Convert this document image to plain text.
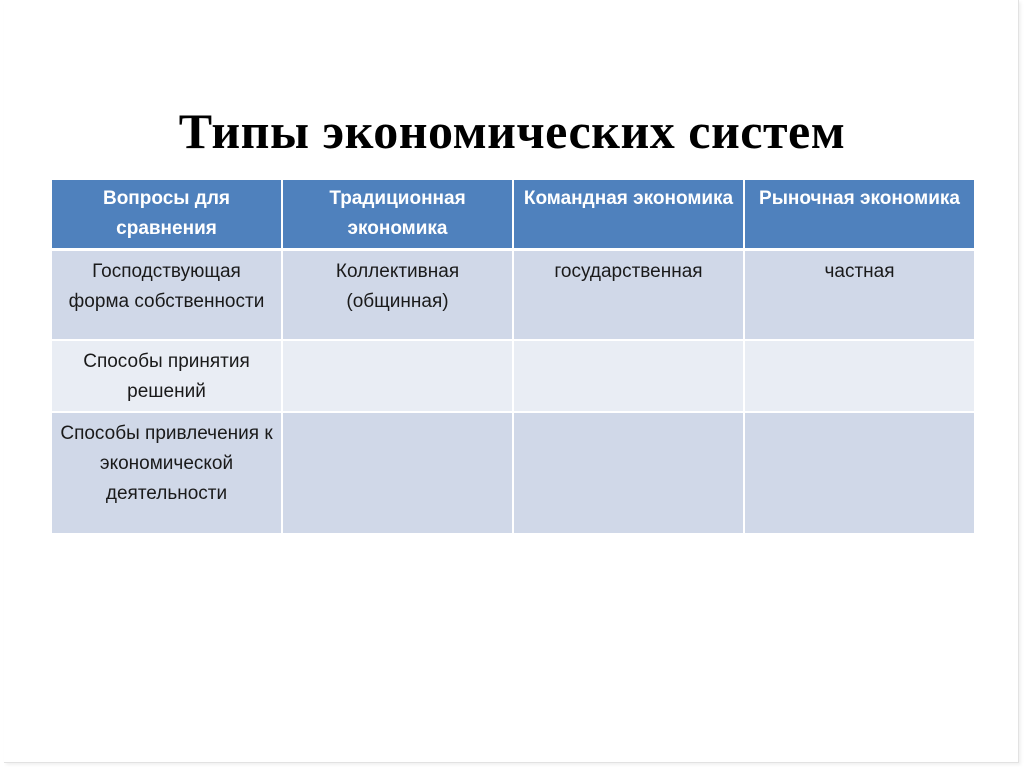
Типы экономических систем
Вопросы для сравнения	Традиционная экономика	Командная экономика	Рыночная экономика
Господствующая форма собственности	Коллективная (общинная)	государственная	частная
Способы принятия решений			
Способы привлечения к экономической деятельности			
